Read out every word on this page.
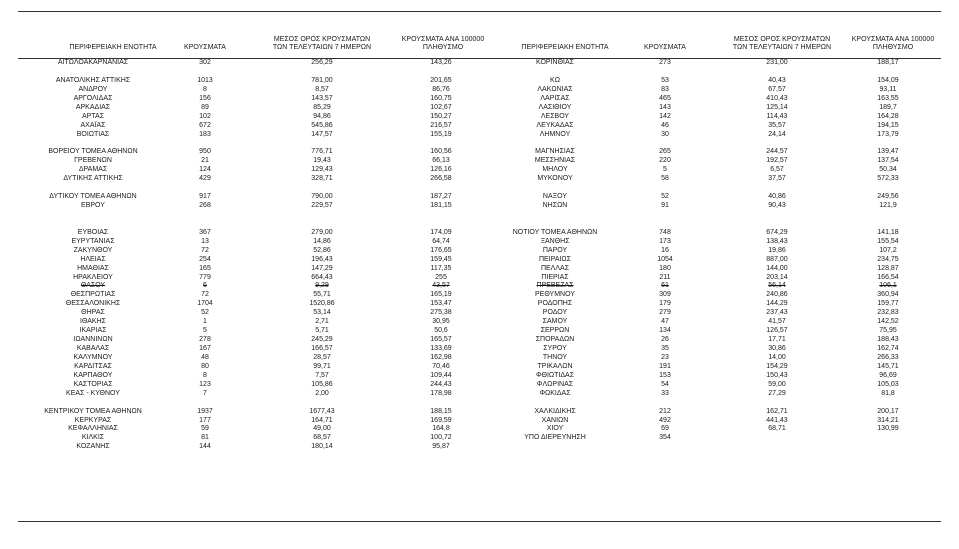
ΠΕΡΙΦΕΡΕΙΑΚΗ ΕΝΟΤΗΤΑ	ΚΡΟΥΣΜΑΤΑ
ΜΕΣΟΣ ΟΡΟΣ ΚΡΟΥΣΜΑΤΩΝ
ΤΩΝ ΤΕΛΕΥΤΑΙΩΝ 7 ΗΜΕΡΩΝ
ΚΡΟΥΣΜΑΤΑ ΑΝΑ 100000
ΠΛΗΘΥΣΜΟ	ΠΕΡΙΦΕΡΕΙΑΚΗ ΕΝΟΤΗΤΑ	ΚΡΟΥΣΜΑΤΑ
ΜΕΣΟΣ ΟΡΟΣ ΚΡΟΥΣΜΑΤΩΝ
ΤΩΝ ΤΕΛΕΥΤΑΙΩΝ 7 ΗΜΕΡΩΝ
ΚΡΟΥΣΜΑΤΑ ΑΝΑ 100000
ΠΛΗΘΥΣΜΟ
ΑΙΤΩΛΟΑΚΑΡΝΑΝΙΑΣ	302	256,29	143,26
ΑΝΑΤΟΛΙΚΗΣ ΑΤΤΙΚΗΣ	1013	781,00	201,65
ΑΝΔΡΟΥ	8	8,57	86,76
ΑΡΓΟΛΙΔΑΣ	156	143,57	160,75
ΑΡΚΑΔΙΑΣ	89	85,29	102,67
ΑΡΤΑΣ	102	94,86	150,27
ΑΧΑΪΑΣ	672	545,86	216,57
ΒΟΙΩΤΙΑΣ	183	147,57	155,19
ΒΟΡΕΙΟΥ ΤΟΜΕΑ ΑΘΗΝΩΝ	950	776,71	160,56
ΓΡΕΒΕΝΩΝ	21	19,43	66,13
ΔΡΑΜΑΣ	124	129,43	126,16
ΔΥΤΙΚΗΣ ΑΤΤΙΚΗΣ	429	328,71	266,58
ΔΥΤΙΚΟΥ ΤΟΜΕΑ ΑΘΗΝΩΝ	917	790,00	187,27
ΕΒΡΟΥ	268	229,57	181,15
ΕΥΒΟΙΑΣ	367	279,00	174,09
ΕΥΡΥΤΑΝΙΑΣ	13	14,86	64,74
ΖΑΚΥΝΘΟΥ	72	52,86	176,65
ΗΛΕΙΑΣ	254	196,43	159,45
ΗΜΑΘΙΑΣ	165	147,29	117,35
ΗΡΑΚΛΕΙΟΥ	779	664,43	255
ΘΑΣΟΥ	6	9,29	43,57
ΘΕΣΠΡΩΤΙΑΣ	72	55,71	165,19
ΘΕΣΣΑΛΟΝΙΚΗΣ	1704	1520,86	153,47
ΘΗΡΑΣ	52	53,14	275,38
ΙΘΑΚΗΣ	1	2,71	30,95
ΙΚΑΡΙΑΣ	5	5,71	50,6
ΙΩΑΝΝΙΝΩΝ	278	245,29	165,57
ΚΑΒΑΛΑΣ	167	166,57	133,69
ΚΑΛΥΜΝΟΥ	48	28,57	162,98
ΚΑΡΔΙΤΣΑΣ	80	99,71	70,46
ΚΑΡΠΑΘΟΥ	8	7,57	109,44
ΚΑΣΤΟΡΙΑΣ	123	105,86	244,43
ΚΕΑΣ - ΚΥΘΝΟΥ	7	2,00	178,98
ΚΕΝΤΡΙΚΟΥ ΤΟΜΕΑ ΑΘΗΝΩΝ	1937	1677,43	188,15
ΚΕΡΚΥΡΑΣ	177	164,71	169,59
ΚΕΦΑΛΛΗΝΙΑΣ	59	49,00	164,8
ΚΙΛΚΙΣ	81	68,57	100,72
ΚΟΖΑΝΗΣ	144	180,14	95,87
ΚΟΡΙΝΘΙΑΣ	273	231,00	188,17
ΚΩ	53	40,43	154,09
ΛΑΚΩΝΙΑΣ	83	67,57	93,11
ΛΑΡΙΣΑΣ	465	410,43	163,55
ΛΑΣΙΘΙΟΥ	143	125,14	189,7
ΛΕΣΒΟΥ	142	114,43	164,28
ΛΕΥΚΑΔΑΣ	46	35,57	194,15
ΛΗΜΝΟΥ	30	24,14	173,79
ΜΑΓΝΗΣΙΑΣ	265	244,57	139,47
ΜΕΣΣΗΝΙΑΣ	220	192,57	137,54
ΜΗΛΟΥ	5	6,57	50,34
ΜΥΚΟΝΟΥ	58	37,57	572,33
ΝΑΞΟΥ	52	40,86	249,56
ΝΗΣΩΝ	91	90,43	121,9
ΝΟΤΙΟΥ ΤΟΜΕΑ ΑΘΗΝΩΝ	748	674,29	141,18
ΞΑΝΘΗΣ	173	138,43	155,54
ΠΑΡΟΥ	16	19,86	107,2
ΠΕΙΡΑΙΩΣ	1054	887,00	234,75
ΠΕΛΛΑΣ	180	144,00	128,87
ΠΙΕΡΙΑΣ	211	203,14	166,54
ΠΡΕΒΕΖΑΣ	61	56,14	106,1
ΡΕΘΥΜΝΟΥ	309	240,86	360,94
ΡΟΔΟΠΗΣ	179	144,29	159,77
ΡΟΔΟΥ	279	237,43	232,83
ΣΑΜΟΥ	47	41,57	142,52
ΣΕΡΡΩΝ	134	126,57	75,95
ΣΠΟΡΑΔΩΝ	26	17,71	188,43
ΣΥΡΟΥ	35	30,86	162,74
ΤΗΝΟΥ	23	14,00	266,33
ΤΡΙΚΑΛΩΝ	191	154,29	145,71
ΦΘΙΩΤΙΔΑΣ	153	150,43	96,69
ΦΛΩΡΙΝΑΣ	54	59,00	105,03
ΦΩΚΙΔΑΣ	33	27,29	81,8
ΧΑΛΚΙΔΙΚΗΣ	212	162,71	200,17
ΧΑΝΙΩΝ	492	441,43	314,21
ΧΙΟΥ	69	68,71	130,99
ΥΠΟ ΔΙΕΡΕΥΝΗΣΗ	354
